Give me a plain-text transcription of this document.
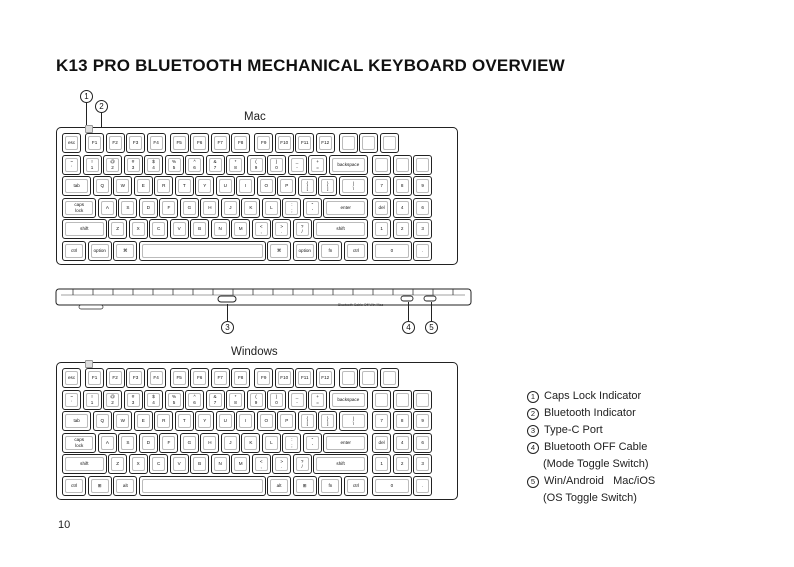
K13 PRO BLUETOOTH MECHANICAL KEYBOARD OVERVIEW
Mac
1
2
esc	F1	F2	F3	F4	F5	F6	F7	F8	F9	F10	F11	F12
~
`
!
1
@
2
#
3
$
4
%
5
^
6
&
7
*
8
(
9
)
0
_
-
+
=
backspace
tab	Q	W	E	R	T	Y	U	I	O	P
{
[
}
]
|
\
7	8	9
caps
lock
A	S	D	F	G	H	J	K	L
:
;
"
'
enter	del	4	6
shift	Z	X	C	V	B	N	M
<
,
>
.
?
/
shift	1	2	3
ctrl	option	⌘	⌘	option	fn	ctrl	0	.
Bluetooth Cable Off Win Mac
3	4	5
Windows
esc	F1	F2	F3	F4	F5	F6	F7	F8	F9	F10	F11	F12
~
`
!
1
@
2
#
3
$
4
%
5
^
6
&
7
*
8
(
9
)
0
_
-
+
=
backspace
tab	Q	W	E	R	T	Y	U	I	O	P
{
[
}
]
|
\
7	8	9
caps
lock
A	S	D	F	G	H	J	K	L
:
;
"
'
enter	del	4	6
shift	Z	X	C	V	B	N	M
<
,
>
.
?
/
shift	1	2	3
ctrl	⊞	alt	alt	⊞	fn	ctrl	0	.
1 Caps Lock Indicator
2 Bluetooth Indicator
3 Type-C Port
4 Bluetooth OFF Cable
(Mode Toggle Switch)
5 Win/Android   Mac/iOS
(OS Toggle Switch)
10
